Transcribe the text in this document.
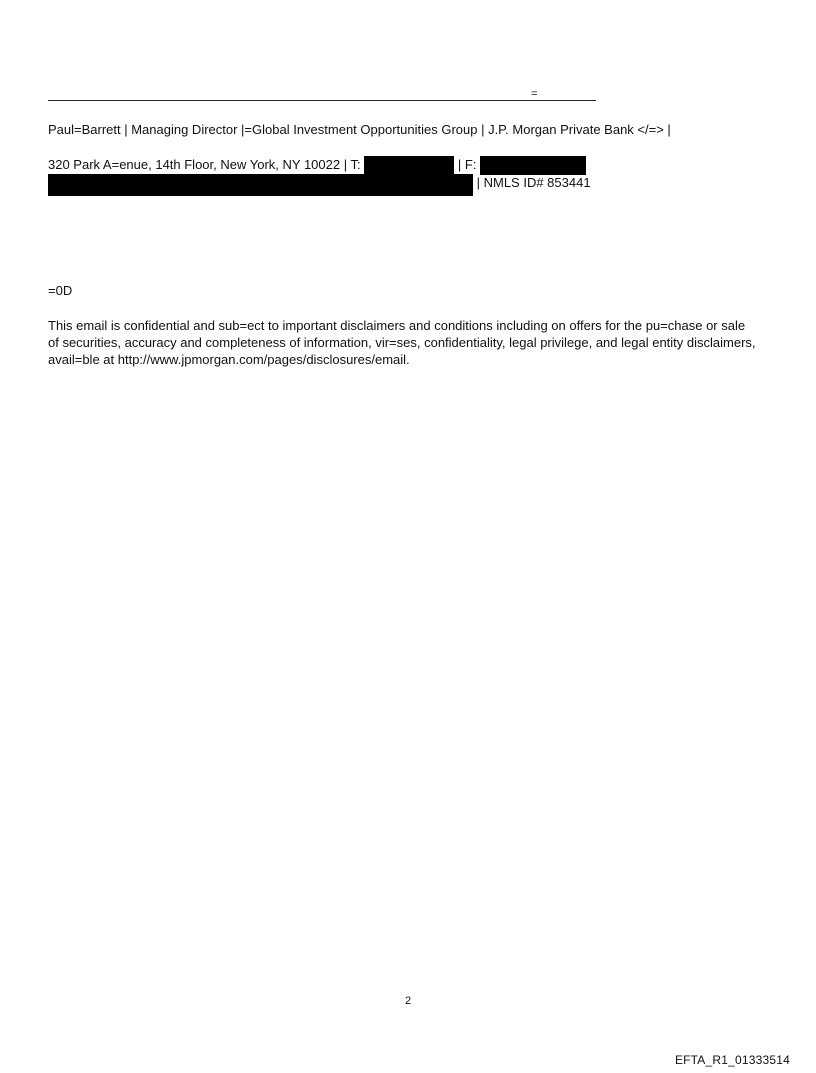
=
Paul=Barrett | Managing Director |=Global Investment Opportunities Group | J.P. Morgan Private Bank </=> |
320 Park A=enue, 14th Floor, New York, NY 10022 | T:	| F:
| NMLS ID# 853441
=0D
This email is confidential and sub=ect to important disclaimers and conditions including on offers for the pu=chase or sale of securities, accuracy and completeness of information, vir=ses, confidentiality, legal privilege, and legal entity disclaimers, avail=ble at http://www.jpmorgan.com/pages/disclosures/email.
2
EFTA_R1_01333514
